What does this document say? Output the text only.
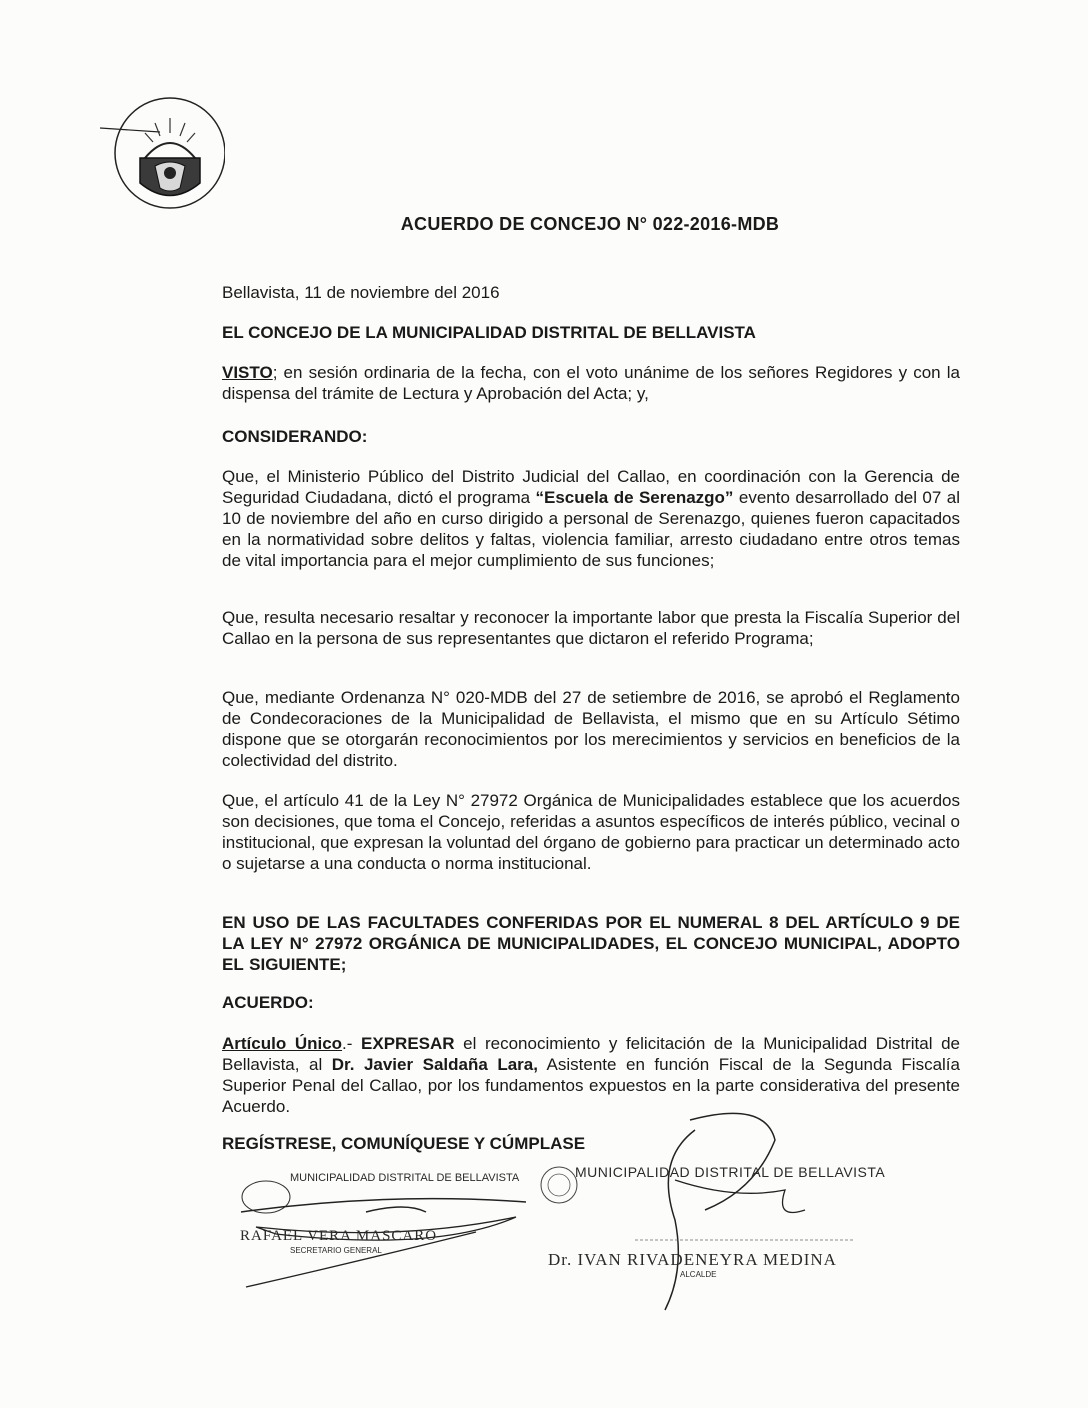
ACUERDO DE CONCEJO N° 022-2016-MDB

Bellavista, 11 de noviembre del 2016

EL CONCEJO DE LA MUNICIPALIDAD DISTRITAL DE BELLAVISTA

VISTO; en sesión ordinaria de la fecha, con el voto unánime de los señores Regidores y con la dispensa del trámite de Lectura y Aprobación del Acta; y,

CONSIDERANDO:

Que, el Ministerio Público del Distrito Judicial del Callao, en coordinación con la Gerencia de Seguridad Ciudadana, dictó el programa “Escuela de Serenazgo” evento desarrollado del 07 al 10 de noviembre del año en curso dirigido a personal de Serenazgo, quienes fueron capacitados en la normatividad sobre delitos y faltas, violencia familiar, arresto ciudadano entre otros temas de vital importancia para el mejor cumplimiento de sus funciones;

Que, resulta necesario resaltar y reconocer la importante labor que presta la Fiscalía Superior del Callao en la persona de sus representantes que dictaron el referido Programa;

Que, mediante Ordenanza N° 020-MDB del 27 de setiembre de 2016, se aprobó el Reglamento de Condecoraciones de la Municipalidad de Bellavista, el mismo que en su Artículo Sétimo dispone que se otorgarán reconocimientos por los merecimientos y servicios en beneficios de la colectividad del distrito.

Que, el artículo 41 de la Ley N° 27972 Orgánica de Municipalidades establece que los acuerdos son decisiones, que toma el Concejo, referidas a asuntos específicos de interés público, vecinal o institucional, que expresan la voluntad del órgano de gobierno para practicar un determinado acto o sujetarse a una conducta o norma institucional.

EN USO DE LAS FACULTADES CONFERIDAS POR EL NUMERAL 8 DEL ARTÍCULO 9 DE LA LEY N° 27972 ORGÁNICA DE MUNICIPALIDADES, EL CONCEJO MUNICIPAL, ADOPTO EL SIGUIENTE;

ACUERDO:

Artículo Único.- EXPRESAR el reconocimiento y felicitación de la Municipalidad Distrital de Bellavista, al Dr. Javier Saldaña Lara, Asistente en función Fiscal de la Segunda Fiscalía Superior Penal del Callao, por los fundamentos expuestos en la parte considerativa del presente Acuerdo.

REGÍSTRESE, COMUNÍQUESE Y CÚMPLASE

MUNICIPALIDAD DISTRITAL DE BELLAVISTA
RAFAEL VERA MASCARO
SECRETARIO GENERAL
MUNICIPALIDAD DISTRITAL DE BELLAVISTA
Dr. IVAN RIVADENEYRA MEDINA
ALCALDE
